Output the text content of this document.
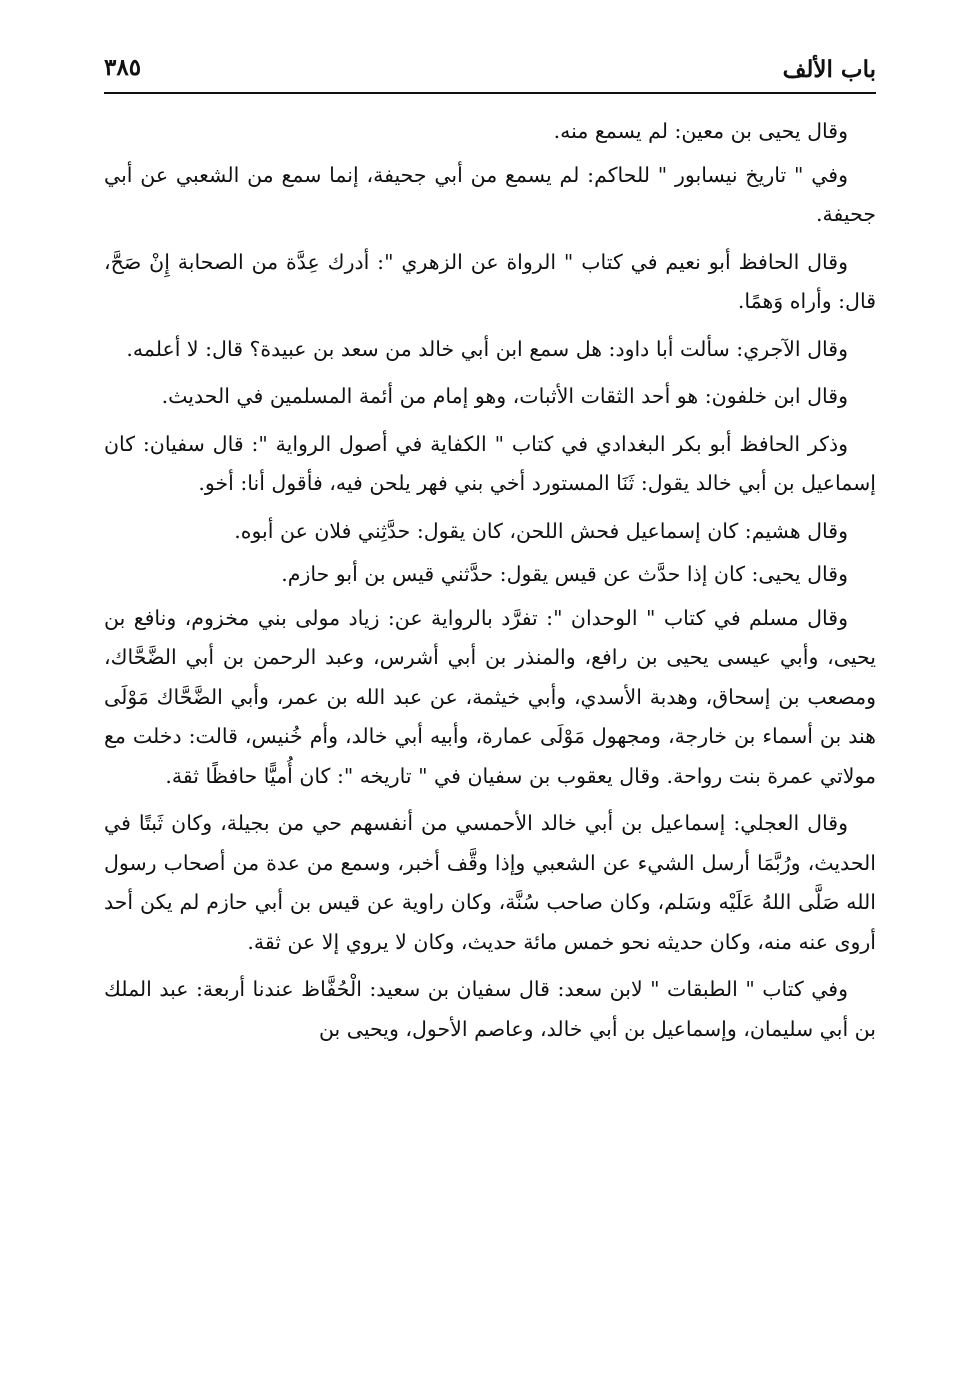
باب الألف
٣٨٥

وقال يحيى بن معين: لم يسمع منه.

وفي " تاريخ نيسابور " للحاكم: لم يسمع من أبي جحيفة، إنما سمع من الشعبي عن أبي جحيفة.

وقال الحافظ أبو نعيم في كتاب " الرواة عن الزهري ": أدرك عِدَّة من الصحابة إِنْ صَحَّ، قال: وأراه وَهمًا.

وقال الآجري: سألت أبا داود: هل سمع ابن أبي خالد من سعد بن عبيدة؟ قال: لا أعلمه.

وقال ابن خلفون: هو أحد الثقات الأثبات، وهو إمام من أئمة المسلمين في الحديث.

وذكر الحافظ أبو بكر البغدادي في كتاب " الكفاية في أصول الرواية ": قال سفيان: كان إسماعيل بن أبي خالد يقول: ثَنَا المستورد أخي بني فهر يلحن فيه، فأقول أنا: أخو.

وقال هشيم: كان إسماعيل فحش اللحن، كان يقول: حدَّثِني فلان عن أبوه.

وقال يحيى: كان إذا حدَّث عن قيس يقول: حدَّثني قيس بن أبو حازم.

وقال مسلم في كتاب " الوحدان ": تفرَّد بالرواية عن: زياد مولى بني مخزوم، ونافع بن يحيى، وأبي عيسى يحيى بن رافع، والمنذر بن أبي أشرس، وعبد الرحمن بن أبي الضَّحَّاك، ومصعب بن إسحاق، وهدبة الأسدي، وأبي خيثمة، عن عبد الله بن عمر، وأبي الضَّحَّاك مَوْلَى هند بن أسماء بن خارجة، ومجهول مَوْلَى عمارة، وأبيه أبي خالد، وأم خُنيس، قالت: دخلت مع مولاتي عمرة بنت رواحة. وقال يعقوب بن سفيان في " تاريخه ": كان أُميًّا حافظًا ثقة.

وقال العجلي: إسماعيل بن أبي خالد الأحمسي من أنفسهم حي من بجيلة، وكان ثَبتًا في الحديث، ورُبَّمَا أرسل الشيء عن الشعبي وإذا وقَّف أخبر، وسمع من عدة من أصحاب رسول الله صَلَّى اللهُ عَلَيْه وسَلم، وكان صاحب سُنَّة، وكان راوية عن قيس بن أبي حازم لم يكن أحد أروى عنه منه، وكان حديثه نحو خمس مائة حديث، وكان لا يروي إلا عن ثقة.

وفي كتاب " الطبقات " لابن سعد: قال سفيان بن سعيد: الْحُفَّاظ عندنا أربعة: عبد الملك بن أبي سليمان، وإسماعيل بن أبي خالد، وعاصم الأحول، ويحيى بن
